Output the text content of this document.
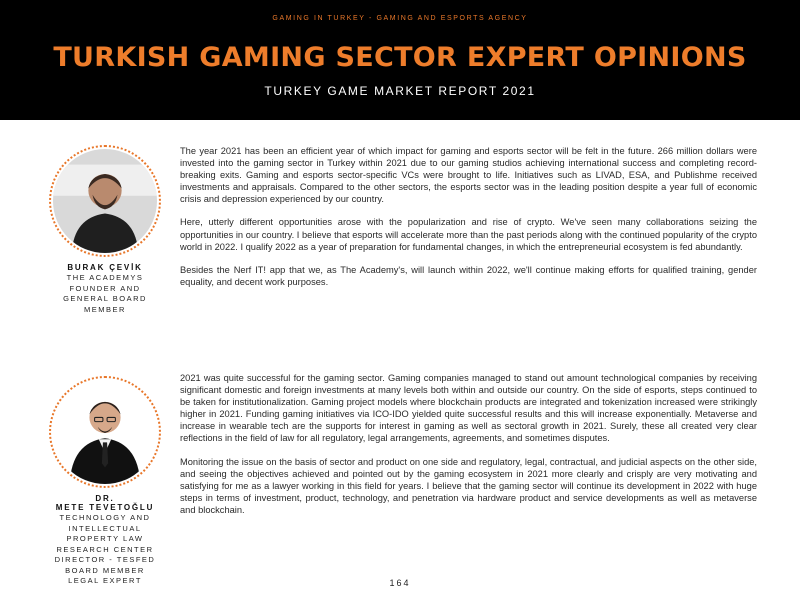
GAMING IN TURKEY - GAMING AND ESPORTS AGENCY
TURKISH GAMING SECTOR EXPERT OPINIONS
TURKEY GAME MARKET REPORT 2021
BURAK ÇEVİK
THE ACADEMYS
FOUNDER AND
GENERAL BOARD
MEMBER

The year 2021 has been an efficient year of which impact for gaming and esports sector will be felt in the future. 266 million dollars were invested into the gaming sector in Turkey within 2021 due to our gaming studios achieving international success and completing record-breaking exits. Gaming and esports sector-specific VCs were brought to life. Initiatives such as LIVAD, ESA, and Publishme received investments and appraisals. Compared to the other sectors, the esports sector was in the leading position despite a year full of economic crisis and depression experienced by our country.

Here, utterly different opportunities arose with the popularization and rise of crypto. We've seen many collaborations seizing the opportunities in our country. I believe that esports will accelerate more than the past periods along with the continued popularity of the crypto world in 2022. I qualify 2022 as a year of preparation for fundamental changes, in which the entrepreneurial ecosystem is fed abundantly.

Besides the Nerf IT! app that we, as The Academy's, will launch within 2022, we'll continue making efforts for qualified training, gender equality, and decent work purposes.

DR.
METE TEVETOĞLU
TECHNOLOGY AND
INTELLECTUAL
PROPERTY LAW
RESEARCH CENTER
DIRECTOR - TESFED
BOARD MEMBER
LEGAL EXPERT

2021 was quite successful for the gaming sector. Gaming companies managed to stand out amount technological companies by receiving significant domestic and foreign investments at many levels both within and outside our country. On the side of esports, steps continued to be taken for institutionalization. Gaming project models where blockchain products are integrated and tokenization increased were strikingly higher in 2021. Funding gaming initiatives via ICO-IDO yielded quite successful results and this will increase exponentially. Metaverse and increase in wearable tech are the supports for interest in gaming as well as sectoral growth in 2021. Surely, these all created very clear reflections in the field of law for all regulatory, legal arrangements, agreements, and sometimes disputes.

Monitoring the issue on the basis of sector and product on one side and regulatory, legal, contractual, and judicial aspects on the other side, and seeing the objectives achieved and pointed out by the gaming ecosystem in 2021 more clearly and crisply are very motivating and satisfying for me as a lawyer working in this field for years. I believe that the gaming sector will continue its development in 2022 with huge steps in terms of investment, product, technology, and penetration via hardware product and service developments as well as metaverse and blockchain.

164
